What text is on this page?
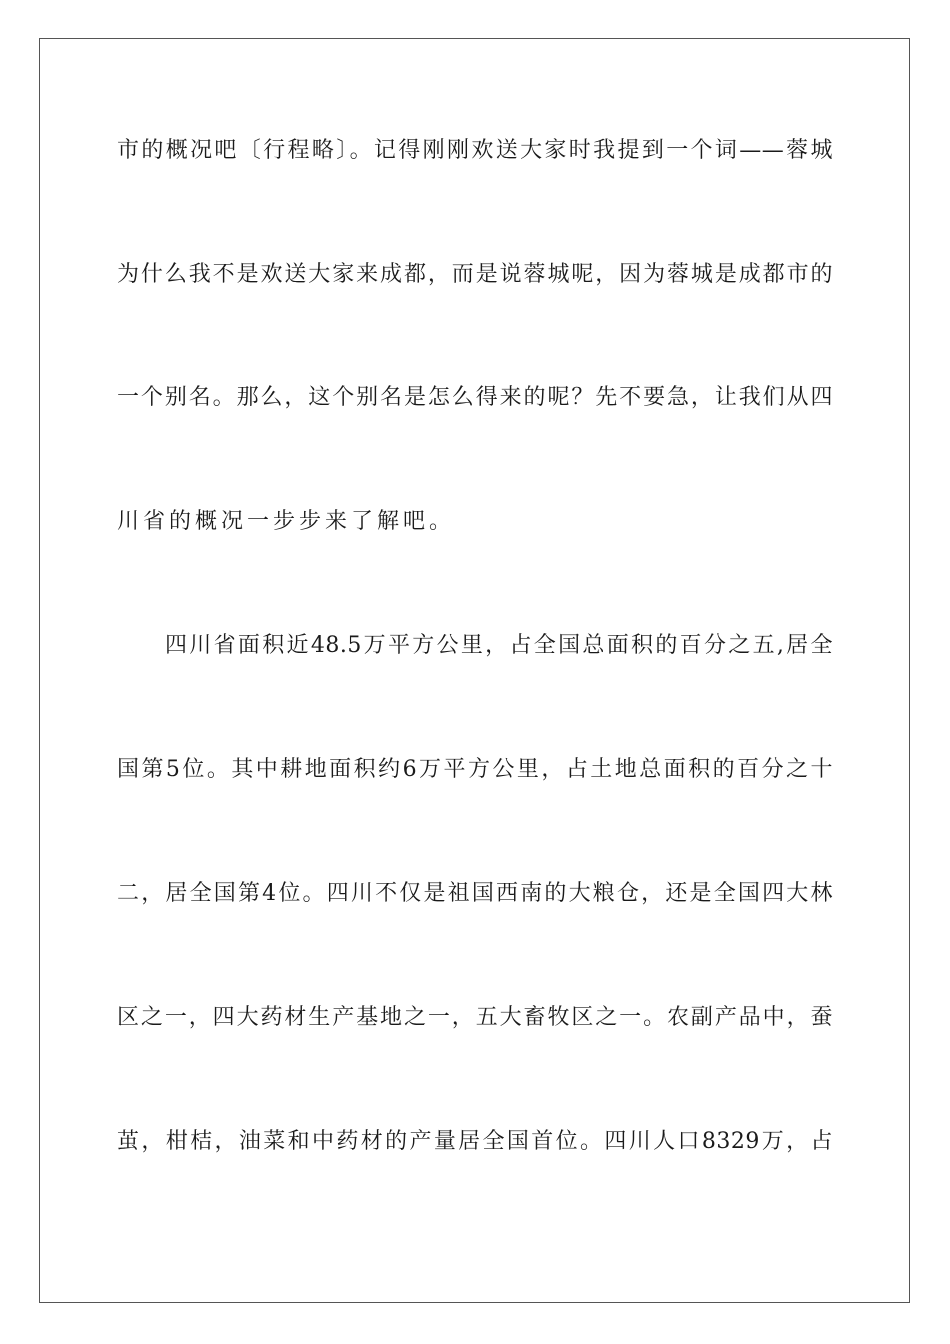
市的概况吧〔行程略〕。记得刚刚欢送大家时我提到一个词——蓉城
为什么我不是欢送大家来成都，而是说蓉城呢，因为蓉城是成都市的
一个别名。那么，这个别名是怎么得来的呢？先不要急，让我们从四
川省的概况一步步来了解吧。
四川省面积近48.5万平方公里，占全国总面积的百分之五,居全
国第5位。其中耕地面积约6万平方公里，占土地总面积的百分之十
二，居全国第4位。四川不仅是祖国西南的大粮仓，还是全国四大林
区之一，四大药材生产基地之一，五大畜牧区之一。农副产品中，蚕
茧，柑桔，油菜和中药材的产量居全国首位。四川人口8329万，占
